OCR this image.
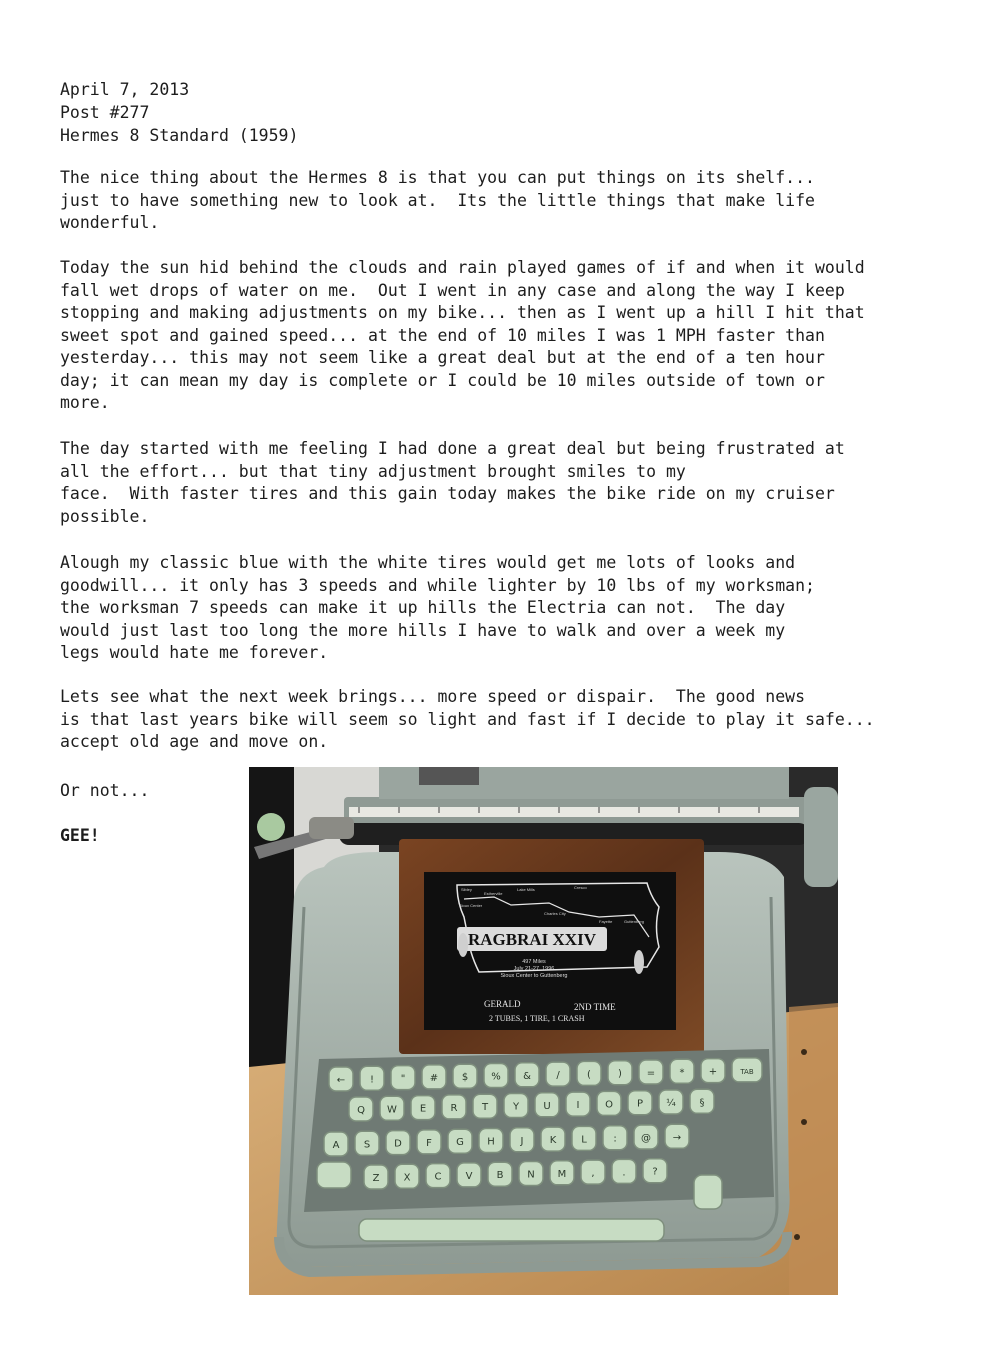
April 7, 2013
Post #277
Hermes 8 Standard (1959)
The nice thing about the Hermes 8 is that you can put things on its shelf...
just to have something new to look at.  Its the little things that make life
wonderful.
Today the sun hid behind the clouds and rain played games of if and when it would
fall wet drops of water on me.  Out I went in any case and along the way I keep
stopping and making adjustments on my bike... then as I went up a hill I hit that
sweet spot and gained speed... at the end of 10 miles I was 1 MPH faster than
yesterday... this may not seem like a great deal but at the end of a ten hour
day; it can mean my day is complete or I could be 10 miles outside of town or
more.
The day started with me feeling I had done a great deal but being frustrated at
all the effort... but that tiny adjustment brought smiles to my
face.  With faster tires and this gain today makes the bike ride on my cruiser
possible.
Alough my classic blue with the white tires would get me lots of looks and
goodwill... it only has 3 speeds and while lighter by 10 lbs of my worksman;
the worksman 7 speeds can make it up hills the Electria can not.  The day
would just last too long the more hills I have to walk and over a week my
legs would hate me forever.
Lets see what the next week brings... more speed or dispair.  The good news
is that last years bike will seem so light and fast if I decide to play it safe...
accept old age and move on.
Or not...
GEE!
RAGBRAI XXIV
497 Miles
July 21-27, 1996
Sioux Center to Guttenberg
GERALD	2ND TIME
2 TUBES, 1 TIRE, 1 CRASH
Sibley
Estherville
Lake Mills	Cresco
Sioux Center
Charles City
Fayette	Guttenberg
← !	" # $ % &	/	(	) = * +	TAB
Q W E R T Y U	I	O P ¼ §
A S D F G H	J	K L	: @ →
Z X C V B N M	,	.	?
